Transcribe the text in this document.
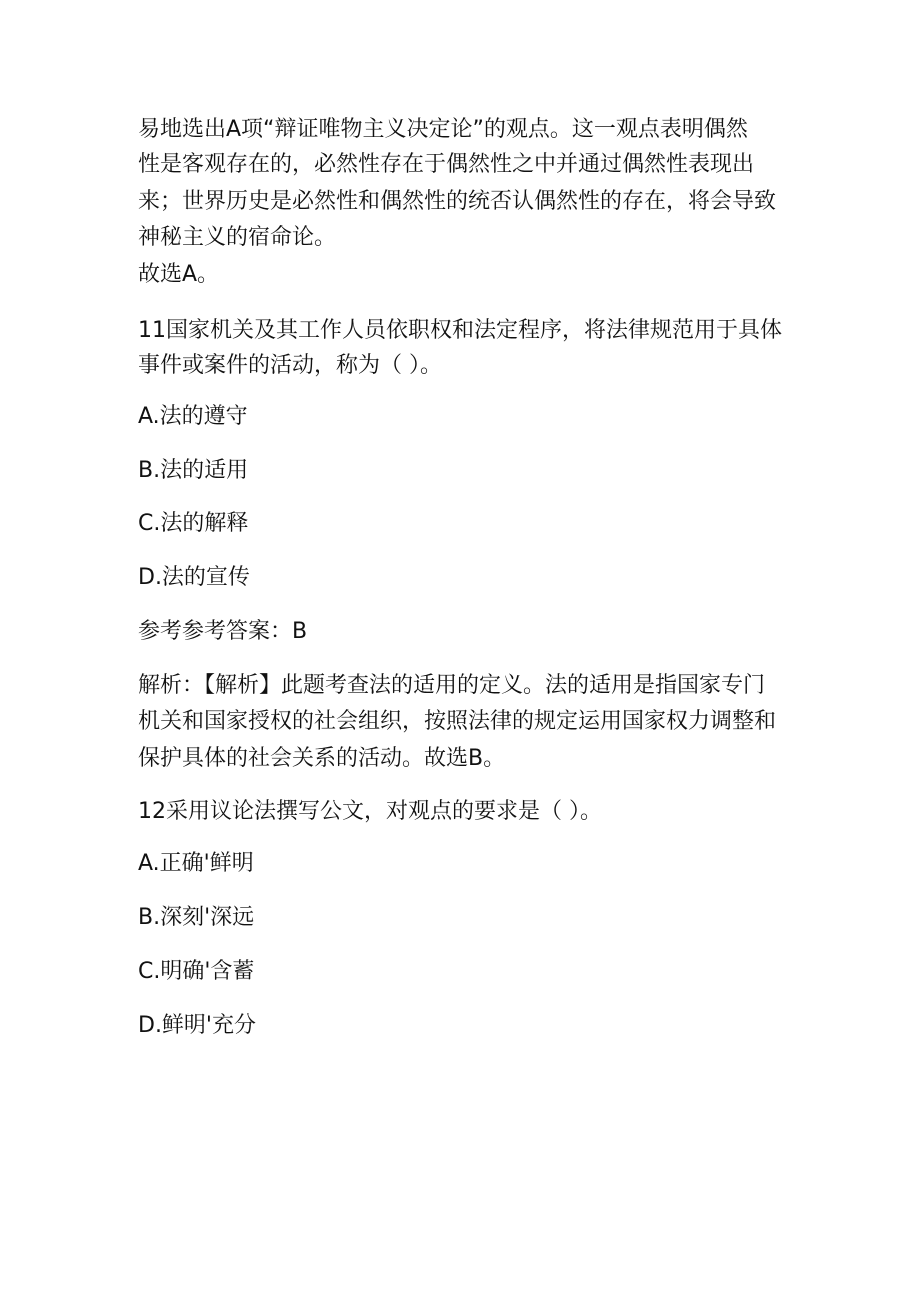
易地选出A项“辩证唯物主义决定论”的观点。这一观点表明偶然
性是客观存在的，必然性存在于偶然性之中并通过偶然性表现出
来；世界历史是必然性和偶然性的统否认偶然性的存在，将会导致
神秘主义的宿命论。
故选A。
11国家机关及其工作人员依职权和法定程序，将法律规范用于具体
事件或案件的活动，称为（ ）。
A.法的遵守
B.法的适用
C.法的解释
D.法的宣传
参考参考答案：B
解析：【解析】此题考查法的适用的定义。法的适用是指国家专门
机关和国家授权的社会组织，按照法律的规定运用国家权力调整和
保护具体的社会关系的活动。故选B。
12采用议论法撰写公文，对观点的要求是（ ）。
A.正确'鲜明
B.深刻'深远
C.明确'含蓄
D.鲜明'充分
